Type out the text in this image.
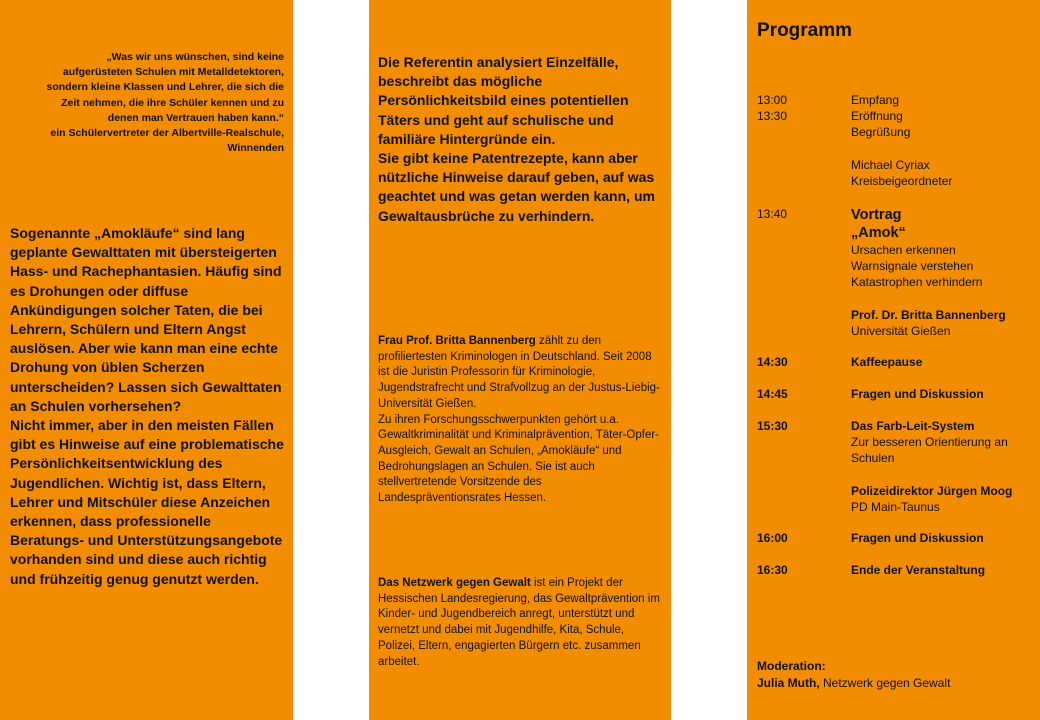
„Was wir uns wünschen, sind keine
aufgerüsteten Schulen mit Metalldetektoren,
sondern kleine Klassen und Lehrer, die sich die
Zeit nehmen, die ihre Schüler kennen und zu
denen man Vertrauen haben kann.“
ein Schülervertreter der Albertville-Realschule,
Winnenden

Sogenannte „Amokläufe“ sind lang geplante Gewalttaten mit übersteigerten Hass- und Rachephantasien. Häufig sind es Drohungen oder diffuse Ankündigungen solcher Taten, die bei Lehrern, Schülern und Eltern Angst auslösen. Aber wie kann man eine echte Drohung von üblen Scherzen unterscheiden? Lassen sich Gewalttaten an Schulen vorhersehen?

Nicht immer, aber in den meisten Fällen gibt es Hinweise auf eine problematische Persönlichkeitsentwicklung des Jugendlichen. Wichtig ist, dass Eltern, Lehrer und Mitschüler diese Anzeichen erkennen, dass professionelle Beratungs- und Unterstützungsangebote vorhanden sind und diese auch richtig und frühzeitig genug genutzt werden.

Die Referentin analysiert Einzelfälle, beschreibt das mögliche Persönlichkeitsbild eines potentiellen Täters und geht auf schulische und familiäre Hintergründe ein.

Sie gibt keine Patentrezepte, kann aber nützliche Hinweise darauf geben, auf was geachtet und was getan werden kann, um Gewaltausbrüche zu verhindern.

Frau Prof. Britta Bannenberg zählt zu den profiliertesten Kriminologen in Deutschland. Seit 2008 ist die Juristin Professorin für Kriminologie, Jugendstrafrecht und Strafvollzug an der Justus-Liebig-Universität Gießen.

Zu ihren Forschungsschwerpunkten gehört u.a. Gewaltkriminalität und Kriminalprävention, Täter-Opfer-Ausgleich, Gewalt an Schulen, „Amokläufe“ und Bedrohungslagen an Schulen. Sie ist auch stellvertretende Vorsitzende des Landespräventionsrates Hessen.

Das Netzwerk gegen Gewalt ist ein Projekt der Hessischen Landesregierung, das Gewaltprävention im Kinder- und Jugendbereich anregt, unterstützt und vernetzt und dabei mit Jugendhilfe, Kita, Schule, Polizei, Eltern, engagierten Bürgern etc. zusammen arbeitet.

Programm
13:00	Empfang
13:30	Eröffnung
Begrüßung

Michael Cyriax
Kreisbeigeordneter
13:40	Vortrag
„Amok“
Ursachen erkennen
Warnsignale verstehen
Katastrophen verhindern

Prof. Dr. Britta Bannenberg
Universität Gießen
14:30	Kaffeepause
14:45	Fragen und Diskussion
15:30	Das Farb-Leit-System
Zur besseren Orientierung an
Schulen

Polizeidirektor Jürgen Moog
PD Main-Taunus
16:00	Fragen und Diskussion
16:30	Ende der Veranstaltung
Moderation:
Julia Muth, Netzwerk gegen Gewalt
